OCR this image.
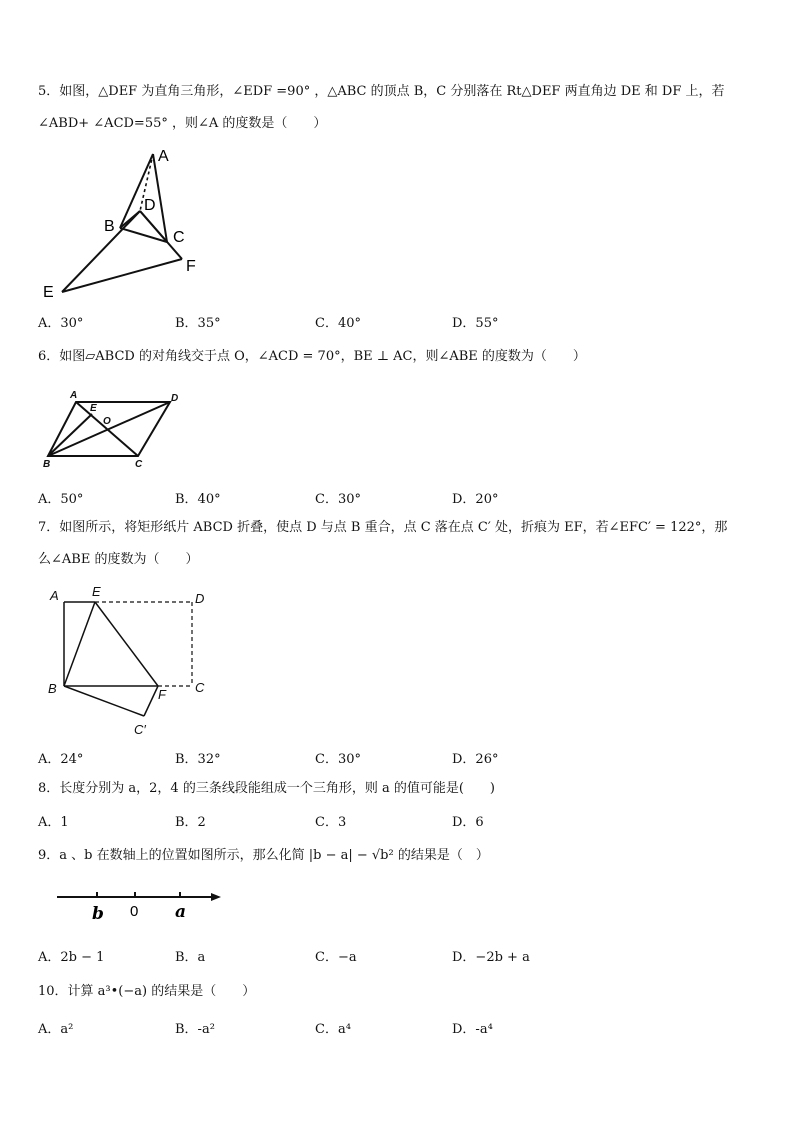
5．如图，△DEF 为直角三角形，∠EDF =90° ，△ABC 的顶点 B，C 分别落在 Rt△DEF 两直角边 DE 和 DF 上，若
∠ABD+ ∠ACD=55° ，则∠A 的度数是（　　）
A
D
B
C
F
E
A．30°	B．35°	C．40°	D．55°
6．如图▱ABCD 的对角线交于点 O，∠ACD = 70°，BE ⊥ AC，则∠ABE 的度数为（　　）
A
E
D
O
B	C
A．50°	B．40°	C．30°	D．20°
7．如图所示，将矩形纸片 ABCD 折叠，使点 D 与点 B 重合，点 C 落在点 C′ 处，折痕为 EF，若∠EFC′ = 122°，那
么∠ABE 的度数为（　　）
A	E	D
B	F C
C′
A．24°	B．32°	C．30°	D．26°
8．长度分别为 a，2，4 的三条线段能组成一个三角形，则 a 的值可能是(　　)
A．1	B．2	C．3	D．6
9．a 、b 在数轴上的位置如图所示，那么化简 |b − a| − √b² 的结果是（　）
b 0 a
A．2b − 1	B．a	C．−a	D．−2b + a
10．计算 a³•(−a) 的结果是（　　）
A．a²	B．-a²	C．a⁴	D．-a⁴
